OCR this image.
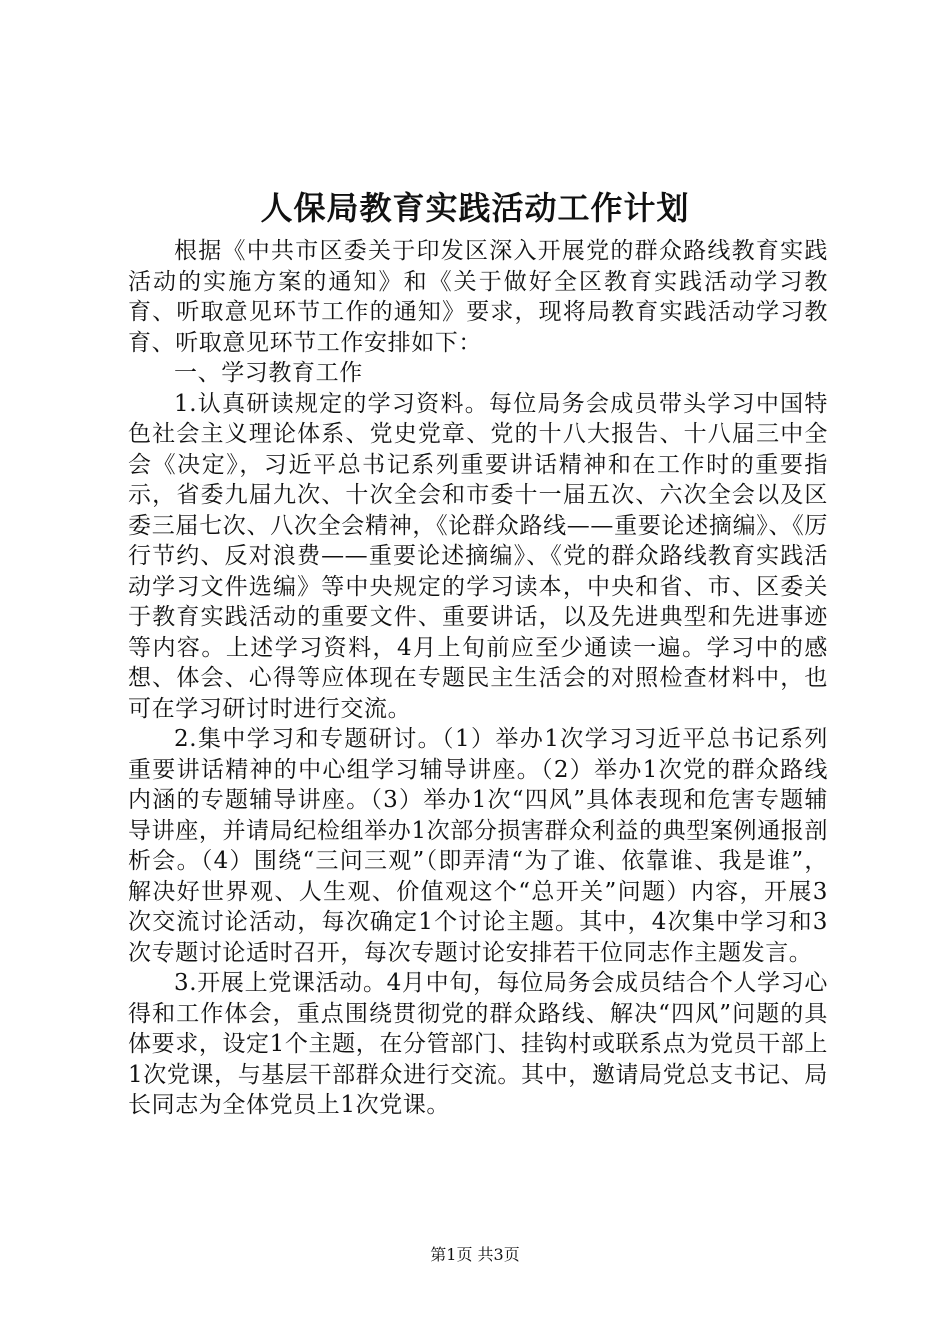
人保局教育实践活动工作计划

根据《中共市区委关于印发区深入开展党的群众路线教育实践活动的实施方案的通知》和《关于做好全区教育实践活动学习教育、听取意见环节工作的通知》要求，现将局教育实践活动学习教育、听取意见环节工作安排如下：

一、学习教育工作

1.认真研读规定的学习资料。每位局务会成员带头学习中国特色社会主义理论体系、党史党章、党的十八大报告、十八届三中全会《决定》，习近平总书记系列重要讲话精神和在工作时的重要指示，省委九届九次、十次全会和市委十一届五次、六次全会以及区委三届七次、八次全会精神，《论群众路线——重要论述摘编》、《厉行节约、反对浪费——重要论述摘编》、《党的群众路线教育实践活动学习文件选编》等中央规定的学习读本，中央和省、市、区委关于教育实践活动的重要文件、重要讲话，以及先进典型和先进事迹等内容。上述学习资料，4月上旬前应至少通读一遍。学习中的感想、体会、心得等应体现在专题民主生活会的对照检查材料中，也可在学习研讨时进行交流。

2.集中学习和专题研讨。（1）举办1次学习习近平总书记系列重要讲话精神的中心组学习辅导讲座。（2）举办1次党的群众路线内涵的专题辅导讲座。（3）举办1次“四风”具体表现和危害专题辅导讲座，并请局纪检组举办1次部分损害群众利益的典型案例通报剖析会。（4）围绕“三问三观”（即弄清“为了谁、依靠谁、我是谁”，解决好世界观、人生观、价值观这个“总开关”问题）内容，开展3次交流讨论活动，每次确定1个讨论主题。其中，4次集中学习和3次专题讨论适时召开，每次专题讨论安排若干位同志作主题发言。

3.开展上党课活动。4月中旬，每位局务会成员结合个人学习心得和工作体会，重点围绕贯彻党的群众路线、解决“四风”问题的具体要求，设定1个主题，在分管部门、挂钩村或联系点为党员干部上1次党课，与基层干部群众进行交流。其中，邀请局党总支书记、局长同志为全体党员上1次党课。

第1页 共3页
